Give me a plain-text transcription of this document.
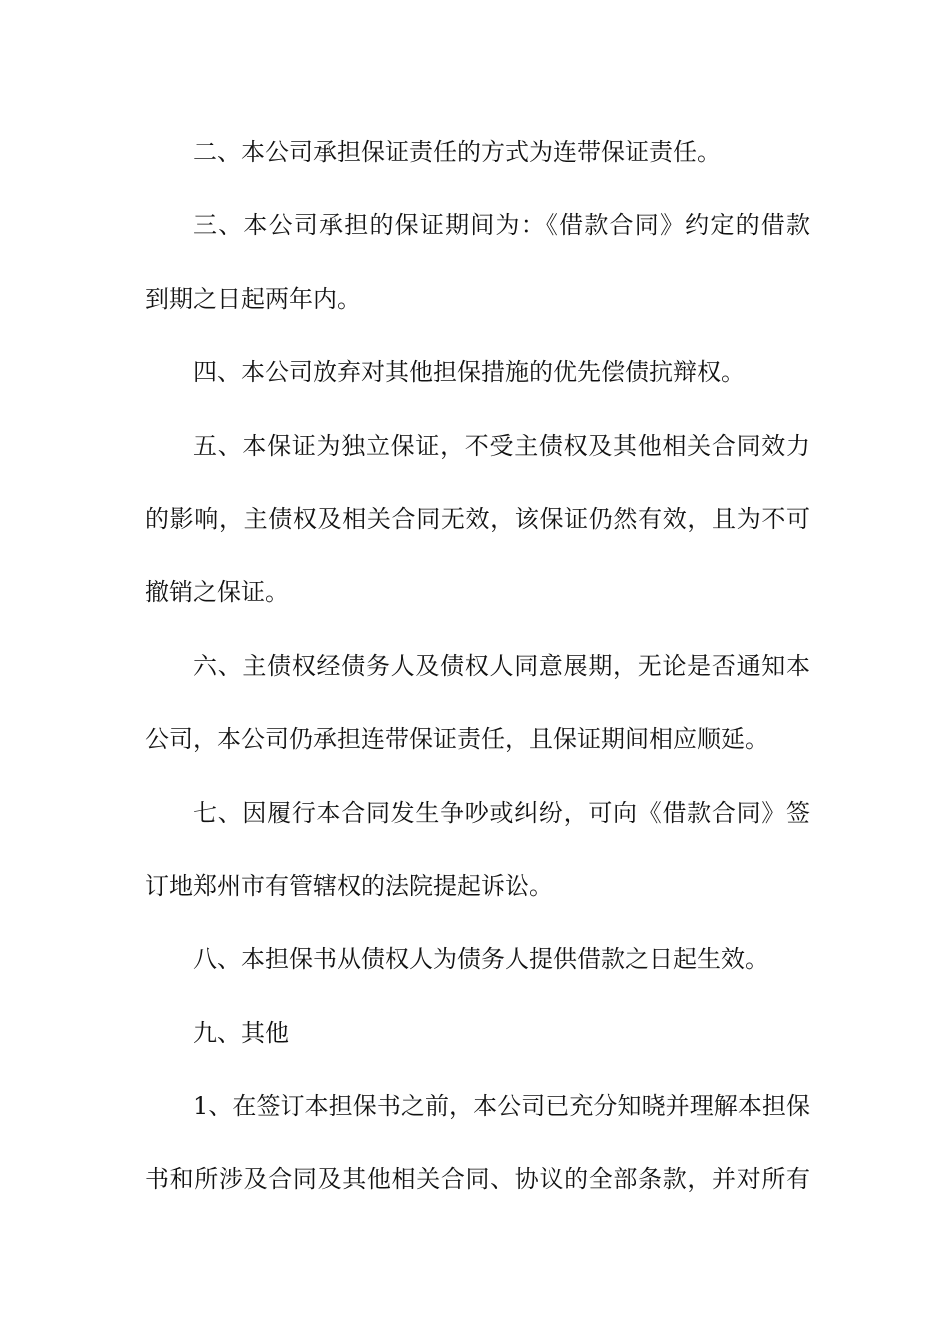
二、本公司承担保证责任的方式为连带保证责任。
三、本公司承担的保证期间为：《借款合同》约定的借款
到期之日起两年内。
四、本公司放弃对其他担保措施的优先偿债抗辩权。
五、本保证为独立保证，不受主债权及其他相关合同效力
的影响，主债权及相关合同无效，该保证仍然有效，且为不可
撤销之保证。
六、主债权经债务人及债权人同意展期，无论是否通知本
公司，本公司仍承担连带保证责任，且保证期间相应顺延。
七、因履行本合同发生争吵或纠纷，可向《借款合同》签
订地郑州市有管辖权的法院提起诉讼。
八、本担保书从债权人为债务人提供借款之日起生效。
九、其他
1、在签订本担保书之前，本公司已充分知晓并理解本担保
书和所涉及合同及其他相关合同、协议的全部条款，并对所有
